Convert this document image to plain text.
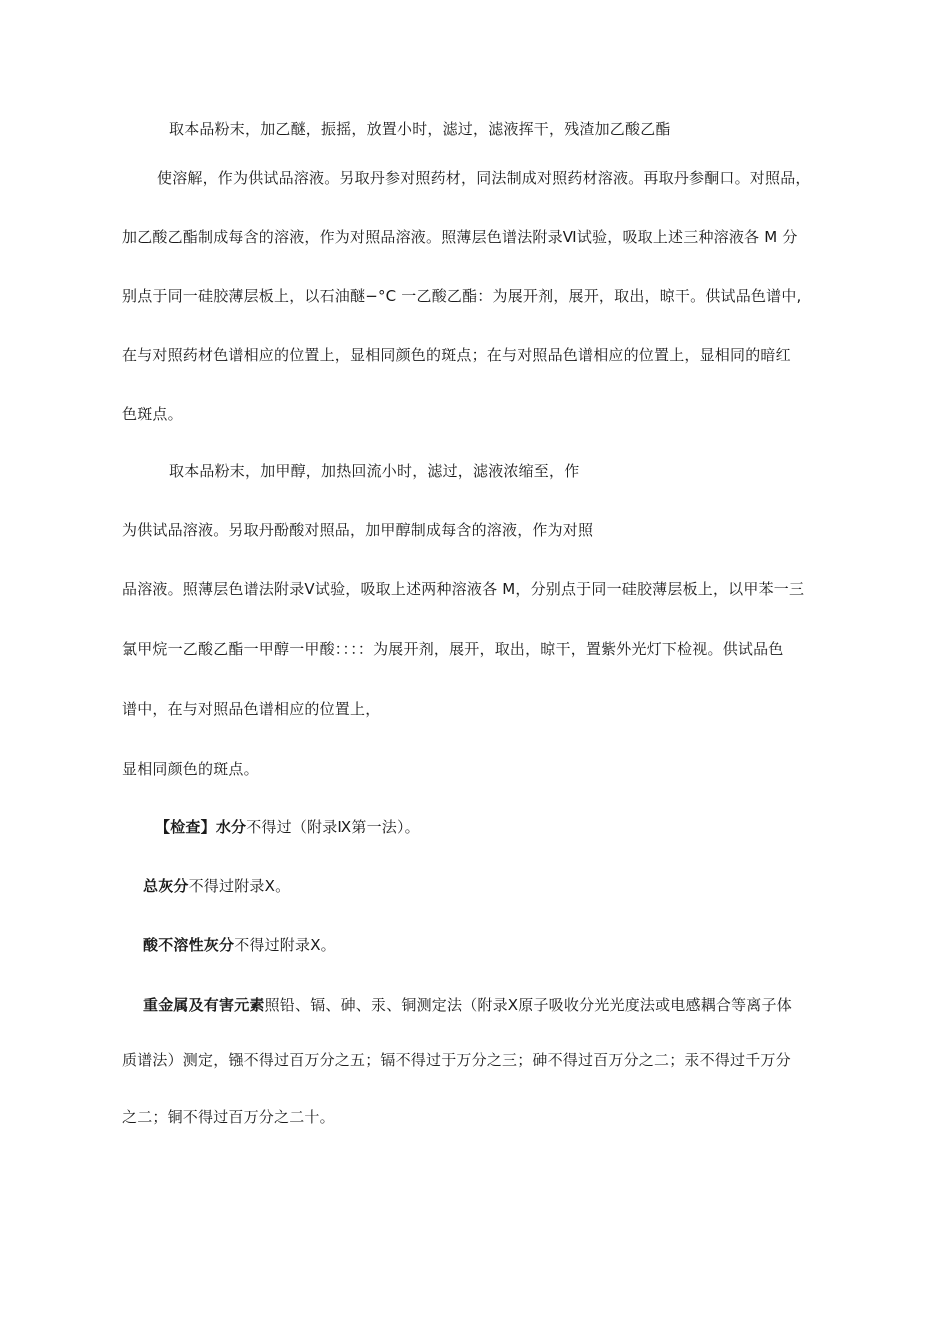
取本品粉末，加乙醚，振摇，放置小时，滤过，滤液挥干，残渣加乙酸乙酯
使溶解，作为供试品溶液。另取丹参对照药材，同法制成对照药材溶液。再取丹参酮口。对照品，
加乙酸乙酯制成每含的溶液，作为对照品溶液。照薄层色谱法附录Ⅵ试验，吸取上述三种溶液各 M 分
别点于同一硅胶薄层板上，以石油醚−°C 一乙酸乙酯：为展开剂，展开，取出，晾干。供试品色谱中,
在与对照药材色谱相应的位置上，显相同颜色的斑点；在与对照品色谱相应的位置上，显相同的暗红
色斑点。
取本品粉末，加甲醇，加热回流小时，滤过，滤液浓缩至，作
为供试品溶液。另取丹酚酸对照品，加甲醇制成每含的溶液，作为对照
品溶液。照薄层色谱法附录Ⅴ试验，吸取上述两种溶液各 M，分别点于同一硅胶薄层板上，以甲苯一三
氯甲烷一乙酸乙酯一甲醇一甲酸：：：：为展开剂，展开，取出，晾干，置紫外光灯下检视。供试品色
谱中，在与对照品色谱相应的位置上，
显相同颜色的斑点。
【检查】水分不得过（附录Ⅸ第一法）。
总灰分不得过附录Ⅹ。
酸不溶性灰分不得过附录Ⅹ。
重金属及有害元素照铅、镉、砷、汞、铜测定法（附录Ⅹ原子吸收分光光度法或电感耦合等离子体
质谱法）测定，镪不得过百万分之五；镉不得过于万分之三；砷不得过百万分之二；汞不得过千万分
之二；铜不得过百万分之二十。
